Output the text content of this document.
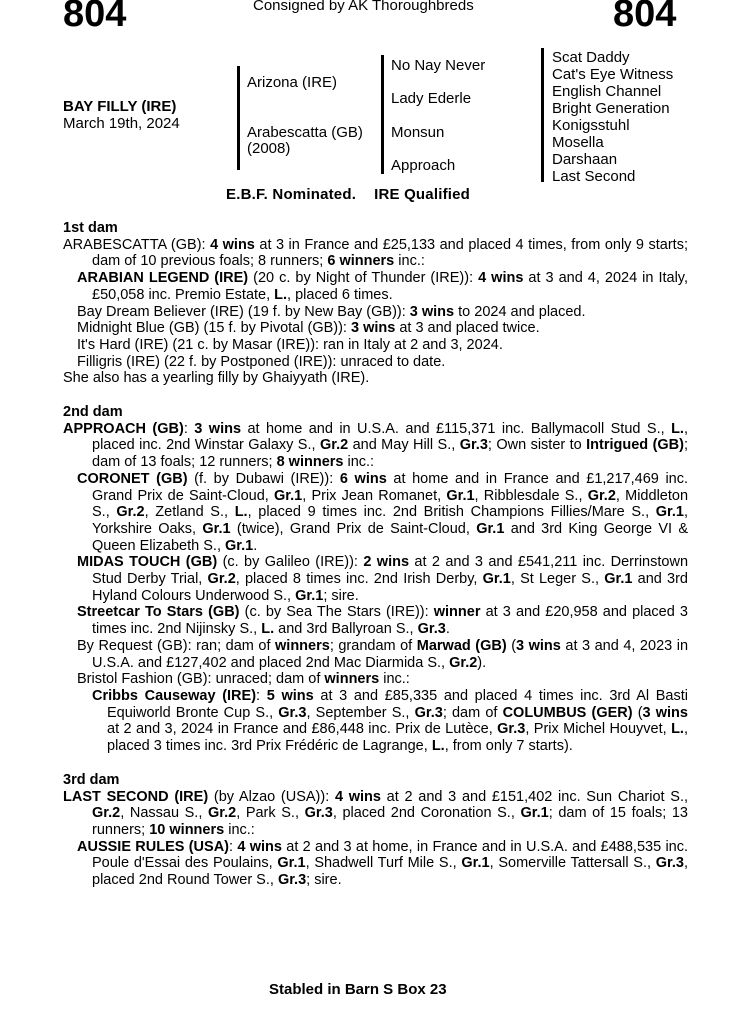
804	Consigned by AK Thoroughbreds	804
BAY FILLY (IRE)
March 19th, 2024
Arizona (IRE)
Arabescatta (GB)
(2008)
No Nay Never
Lady Ederle
Monsun
Approach
Scat Daddy
Cat's Eye Witness
English Channel
Bright Generation
Konigsstuhl
Mosella
Darshaan
Last Second
E.B.F. Nominated. IRE Qualified

1st dam

ARABESCATTA (GB): 4 wins at 3 in France and £25,133 and placed 4 times, from only 9 starts; dam of 10 previous foals; 8 runners; 6 winners inc.:

ARABIAN LEGEND (IRE) (20 c. by Night of Thunder (IRE)): 4 wins at 3 and 4, 2024 in Italy, £50,058 inc. Premio Estate, L., placed 6 times.

Bay Dream Believer (IRE) (19 f. by New Bay (GB)): 3 wins to 2024 and placed.

Midnight Blue (GB) (15 f. by Pivotal (GB)): 3 wins at 3 and placed twice.

It's Hard (IRE) (21 c. by Masar (IRE)): ran in Italy at 2 and 3, 2024.

Filligris (IRE) (22 f. by Postponed (IRE)): unraced to date.

She also has a yearling filly by Ghaiyyath (IRE).

2nd dam

APPROACH (GB): 3 wins at home and in U.S.A. and £115,371 inc. Ballymacoll Stud S., L., placed inc. 2nd Winstar Galaxy S., Gr.2 and May Hill S., Gr.3; Own sister to Intrigued (GB); dam of 13 foals; 12 runners; 8 winners inc.:

CORONET (GB) (f. by Dubawi (IRE)): 6 wins at home and in France and £1,217,469 inc. Grand Prix de Saint-Cloud, Gr.1, Prix Jean Romanet, Gr.1, Ribblesdale S., Gr.2, Middleton S., Gr.2, Zetland S., L., placed 9 times inc. 2nd British Champions Fillies/Mare S., Gr.1, Yorkshire Oaks, Gr.1 (twice), Grand Prix de Saint-Cloud, Gr.1 and 3rd King George VI & Queen Elizabeth S., Gr.1.

MIDAS TOUCH (GB) (c. by Galileo (IRE)): 2 wins at 2 and 3 and £541,211 inc. Derrinstown Stud Derby Trial, Gr.2, placed 8 times inc. 2nd Irish Derby, Gr.1, St Leger S., Gr.1 and 3rd Hyland Colours Underwood S., Gr.1; sire.

Streetcar To Stars (GB) (c. by Sea The Stars (IRE)): winner at 3 and £20,958 and placed 3 times inc. 2nd Nijinsky S., L. and 3rd Ballyroan S., Gr.3.

By Request (GB): ran; dam of winners; grandam of Marwad (GB) (3 wins at 3 and 4, 2023 in U.S.A. and £127,402 and placed 2nd Mac Diarmida S., Gr.2).

Bristol Fashion (GB): unraced; dam of winners inc.:

Cribbs Causeway (IRE): 5 wins at 3 and £85,335 and placed 4 times inc. 3rd Al Basti Equiworld Bronte Cup S., Gr.3, September S., Gr.3; dam of COLUMBUS (GER) (3 wins at 2 and 3, 2024 in France and £86,448 inc. Prix de Lutèce, Gr.3, Prix Michel Houyvet, L., placed 3 times inc. 3rd Prix Frédéric de Lagrange, L., from only 7 starts).

3rd dam

LAST SECOND (IRE) (by Alzao (USA)): 4 wins at 2 and 3 and £151,402 inc. Sun Chariot S., Gr.2, Nassau S., Gr.2, Park S., Gr.3, placed 2nd Coronation S., Gr.1; dam of 15 foals; 13 runners; 10 winners inc.:

AUSSIE RULES (USA): 4 wins at 2 and 3 at home, in France and in U.S.A. and £488,535 inc. Poule d'Essai des Poulains, Gr.1, Shadwell Turf Mile S., Gr.1, Somerville Tattersall S., Gr.3, placed 2nd Round Tower S., Gr.3; sire.

Stabled in Barn S Box 23
